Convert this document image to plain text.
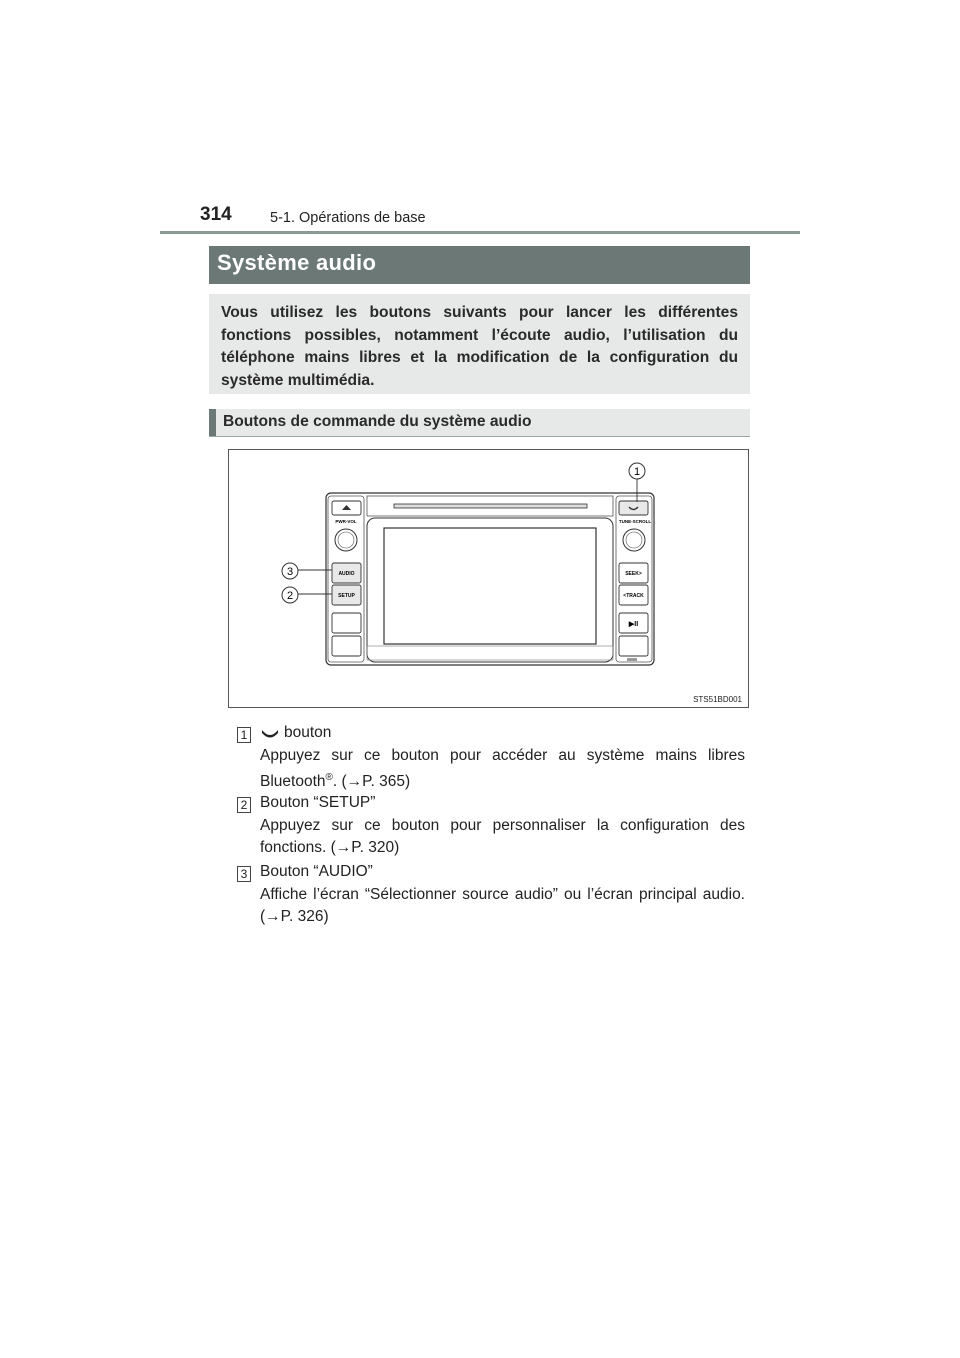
314	5-1. Opérations de base
Système audio
Vous utilisez les boutons suivants pour lancer les différentes fonctions possibles, notamment l’écoute audio, l’utilisation du téléphone mains libres et la modification de la configuration du système multimédia.
Boutons de commande du système audio
PWR-VOL
AUDIO
SETUP
TUNE-SCROLL
SEEK>
<TRACK
▶II
1
3
2
STS51BD001
1	bouton
Appuyez sur ce bouton pour accéder au système mains libres Bluetooth®. (→P. 365)
2 Bouton “SETUP”
Appuyez sur ce bouton pour personnaliser la configuration des fonctions. (→P. 320)
3 Bouton “AUDIO”
Affiche l’écran “Sélectionner source audio” ou l’écran principal audio. (→P. 326)
